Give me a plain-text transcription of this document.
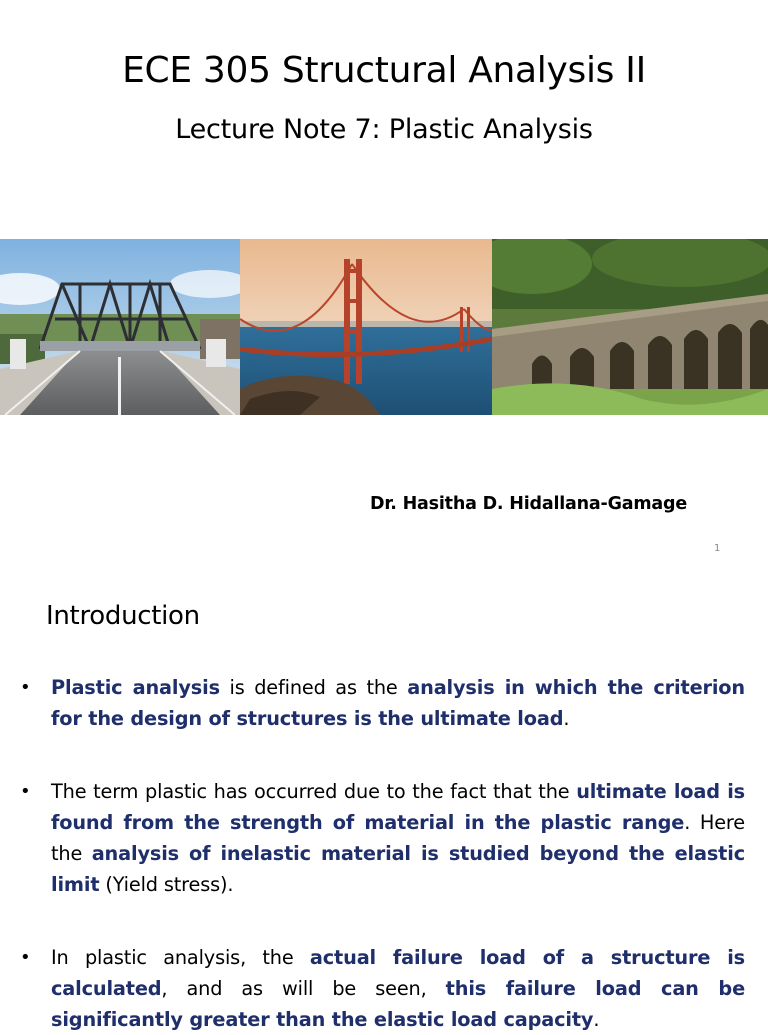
ECE 305 Structural Analysis II
Lecture Note 7: Plastic Analysis
Dr. Hasitha D. Hidallana-Gamage
1
Introduction
• Plastic analysis is defined as the analysis in which the criterion for the design of structures is the ultimate load.
• The term plastic has occurred due to the fact that the ultimate load is found from the strength of material in the plastic range. Here the analysis of inelastic material is studied beyond the elastic limit (Yield stress).
• In plastic analysis, the actual failure load of a structure is calculated, and as will be seen, this failure load can be significantly greater than the elastic load capacity.
